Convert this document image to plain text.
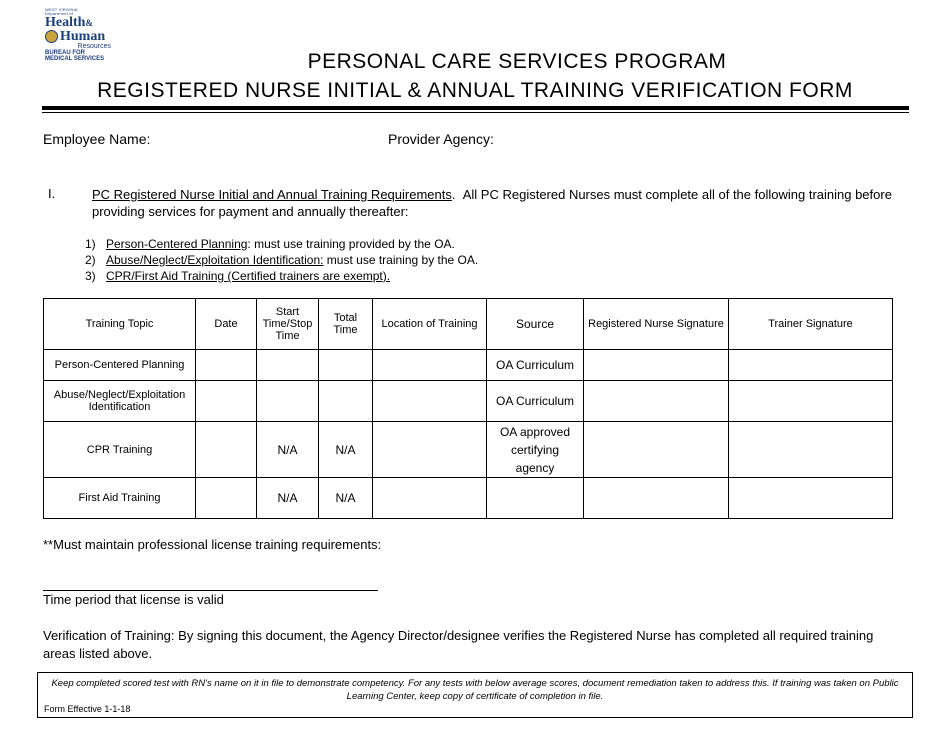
WEST VIRGINIA
Department of
Health&
Human
Resources
BUREAU FOR
MEDICAL SERVICES	PERSONAL CARE SERVICES PROGRAM
REGISTERED NURSE INITIAL & ANNUAL TRAINING VERIFICATION FORM
Employee Name:	Provider Agency:
I.	PC Registered Nurse Initial and Annual Training Requirements. All PC Registered Nurses must complete all of the following training before providing services for payment and annually thereafter:
1) Person-Centered Planning : must use training provided by the OA.
2) Abuse/Neglect/Exploitation Identification: must use training by the OA.
3) CPR/First Aid Training (Certified trainers are exempt).
Training Topic	Date	Start Time/Stop Time	Total Time	Location of Training	Source	Registered Nurse Signature	Trainer Signature
Person-Centered Planning					OA Curriculum		
Abuse/Neglect/Exploitation Identification					OA Curriculum		
CPR Training		N/A	N/A		OA approved certifying agency		
First Aid Training		N/A	N/A				
**Must maintain professional license training requirements:
Time period that license is valid
Verification of Training: By signing this document, the Agency Director/designee verifies the Registered Nurse has completed all required training areas listed above.
Keep completed scored test with RN's name on it in file to demonstrate competency. For any tests with below average scores, document remediation taken to address this. If training was taken on Public Learning Center, keep copy of certificate of completion in file.
Form Effective 1-1-18
